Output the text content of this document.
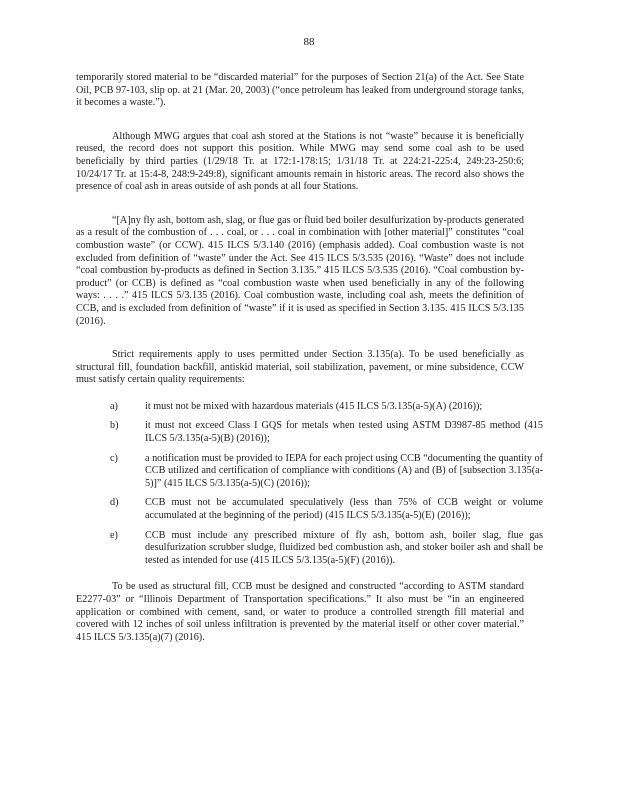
88

temporarily stored material to be “discarded material” for the purposes of Section 21(a) of the Act. See State Oil, PCB 97-103, slip op. at 21 (Mar. 20, 2003) (“once petroleum has leaked from underground storage tanks, it becomes a waste.”).

Although MWG argues that coal ash stored at the Stations is not “waste” because it is beneficially reused, the record does not support this position. While MWG may send some coal ash to be used beneficially by third parties (1/29/18 Tr. at 172:1-178:15; 1/31/18 Tr. at 224:21-225:4, 249:23-250:6; 10/24/17 Tr. at 15:4-8, 248:9-249:8), significant amounts remain in historic areas. The record also shows the presence of coal ash in areas outside of ash ponds at all four Stations.

“[A]ny fly ash, bottom ash, slag, or flue gas or fluid bed boiler desulfurization by-products generated as a result of the combustion of . . . coal, or . . . coal in combination with [other material]” constitutes “coal combustion waste” (or CCW). 415 ILCS 5/3.140 (2016) (emphasis added). Coal combustion waste is not excluded from definition of “waste” under the Act. See 415 ILCS 5/3.535 (2016). “Waste” does not include “coal combustion by-products as defined in Section 3.135.” 415 ILCS 5/3.535 (2016). “Coal combustion by-product” (or CCB) is defined as “coal combustion waste when used beneficially in any of the following ways: . . . .” 415 ILCS 5/3.135 (2016). Coal combustion waste, including coal ash, meets the definition of CCB, and is excluded from definition of “waste” if it is used as specified in Section 3.135. 415 ILCS 5/3.135 (2016).

Strict requirements apply to uses permitted under Section 3.135(a). To be used beneficially as structural fill, foundation backfill, antiskid material, soil stabilization, pavement, or mine subsidence, CCW must satisfy certain quality requirements:

a)	it must not be mixed with hazardous materials (415 ILCS 5/3.135(a-5)(A) (2016));
b)	it must not exceed Class I GQS for metals when tested using ASTM D3987-85 method (415 ILCS 5/3.135(a-5)(B) (2016));
c)	a notification must be provided to IEPA for each project using CCB “documenting the quantity of CCB utilized and certification of compliance with conditions (A) and (B) of [subsection 3.135(a-5)]” (415 ILCS 5/3.135(a-5)(C) (2016));
d)	CCB must not be accumulated speculatively (less than 75% of CCB weight or volume accumulated at the beginning of the period) (415 ILCS 5/3.135(a-5)(E) (2016));
e)	CCB must include any prescribed mixture of fly ash, bottom ash, boiler slag, flue gas desulfurization scrubber sludge, fluidized bed combustion ash, and stoker boiler ash and shall be tested as intended for use (415 ILCS 5/3.135(a-5)(F) (2016)).

To be used as structural fill, CCB must be designed and constructed “according to ASTM standard E2277-03” or “Illinois Department of Transportation specifications.” It also must be “in an engineered application or combined with cement, sand, or water to produce a controlled strength fill material and covered with 12 inches of soil unless infiltration is prevented by the material itself or other cover material.” 415 ILCS 5/3.135(a)(7) (2016).
